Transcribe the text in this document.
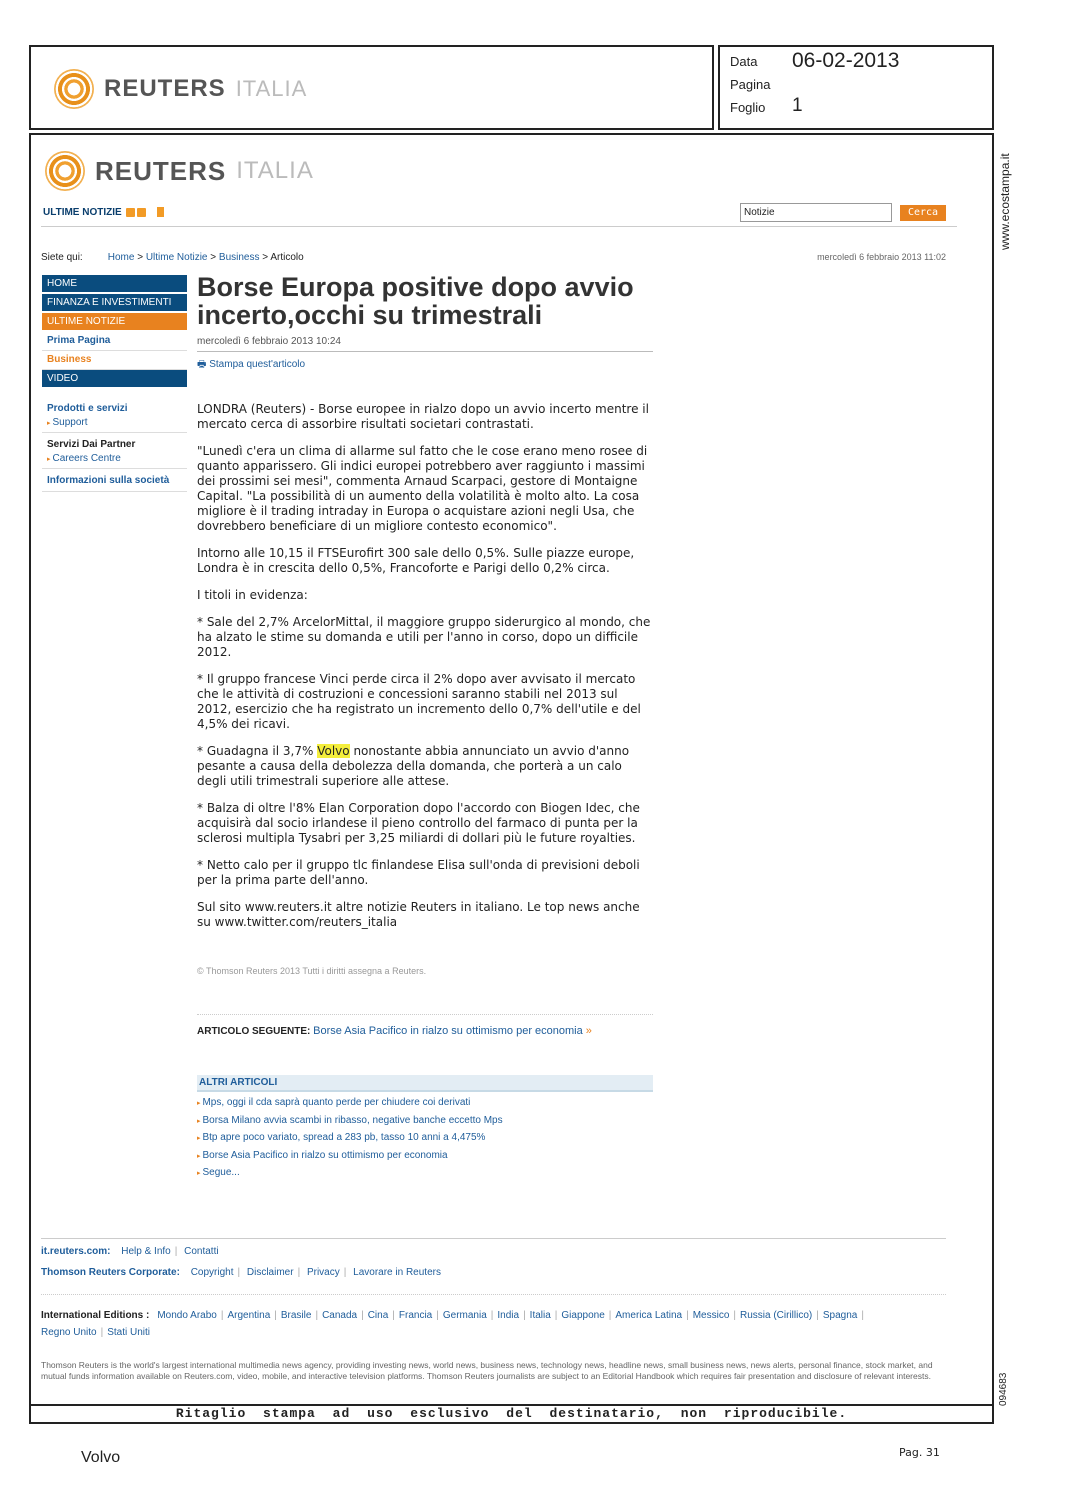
REUTERS ITALIA
Data 06-02-2013
Pagina
Foglio 1
www.ecostampa.it
094683
REUTERS ITALIA
ULTIME NOTIZIE
Notizie	Cerca
Siete qui:	Home > Ultime Notizie > Business > Articolo	mercoledì 6 febbraio 2013 11:02
HOME
FINANZA E INVESTIMENTI
ULTIME NOTIZIE
Prima Pagina
Business
VIDEO
Prodotti e servizi
▸ Support
Servizi Dai Partner
▸ Careers Centre
Informazioni sulla società
Borse Europa positive dopo avvio incerto,occhi su trimestrali
mercoledì 6 febbraio 2013 10:24
🖶 Stampa quest'articolo

LONDRA (Reuters) - Borse europee in rialzo dopo un avvio incerto mentre il mercato cerca di assorbire risultati societari contrastati.

"Lunedì c'era un clima di allarme sul fatto che le cose erano meno rosee di quanto apparissero. Gli indici europei potrebbero aver raggiunto i massimi dei prossimi sei mesi", commenta Arnaud Scarpaci, gestore di Montaigne Capital. "La possibilità di un aumento della volatilità è molto alto. La cosa migliore è il trading intraday in Europa o acquistare azioni negli Usa, che dovrebbero beneficiare di un migliore contesto economico".

Intorno alle 10,15 il FTSEurofirt 300 sale dello 0,5%. Sulle piazze europe, Londra è in crescita dello 0,5%, Francoforte e Parigi dello 0,2% circa.

I titoli in evidenza:

* Sale del 2,7% ArcelorMittal, il maggiore gruppo siderurgico al mondo, che ha alzato le stime su domanda e utili per l'anno in corso, dopo un difficile 2012.

* Il gruppo francese Vinci perde circa il 2% dopo aver avvisato il mercato che le attività di costruzioni e concessioni saranno stabili nel 2013 sul 2012, esercizio che ha registrato un incremento dello 0,7% dell'utile e del 4,5% dei ricavi.

* Guadagna il 3,7% Volvo nonostante abbia annunciato un avvio d'anno pesante a causa della debolezza della domanda, che porterà a un calo degli utili trimestrali superiore alle attese.

* Balza di oltre l'8% Elan Corporation dopo l'accordo con Biogen Idec, che acquisirà dal socio irlandese il pieno controllo del farmaco di punta per la sclerosi multipla Tysabri per 3,25 miliardi di dollari più le future royalties.

* Netto calo per il gruppo tlc finlandese Elisa sull'onda di previsioni deboli per la prima parte dell'anno.

Sul sito www.reuters.it altre notizie Reuters in italiano. Le top news anche su www.twitter.com/reuters_italia

© Thomson Reuters 2013 Tutti i diritti assegna a Reuters.
ARTICOLO SEGUENTE: Borse Asia Pacifico in rialzo su ottimismo per economia »
ALTRI ARTICOLI
▸ Mps, oggi il cda saprà quanto perde per chiudere coi derivati
▸ Borsa Milano avvia scambi in ribasso, negative banche eccetto Mps
▸ Btp apre poco variato, spread a 283 pb, tasso 10 anni a 4,475%
▸ Borse Asia Pacifico in rialzo su ottimismo per economia
▸ Segue...
it.reuters.com: Help & Info | Contatti
Thomson Reuters Corporate: Copyright | Disclaimer | Privacy | Lavorare in Reuters
International Editions : Mondo Arabo | Argentina | Brasile | Canada | Cina | Francia | Germania | India | Italia | Giappone | America Latina | Messico | Russia (Cirillico) | Spagna |
Regno Unito | Stati Uniti
Thomson Reuters is the world's largest international multimedia news agency, providing investing news, world news, business news, technology news, headline news, small business news, news alerts, personal finance, stock market, and mutual funds information available on Reuters.com, video, mobile, and interactive television platforms. Thomson Reuters journalists are subject to an Editorial Handbook which requires fair presentation and disclosure of relevant interests.
Ritaglio stampa ad uso esclusivo del destinatario, non riproducibile.
Volvo	Pag. 31
